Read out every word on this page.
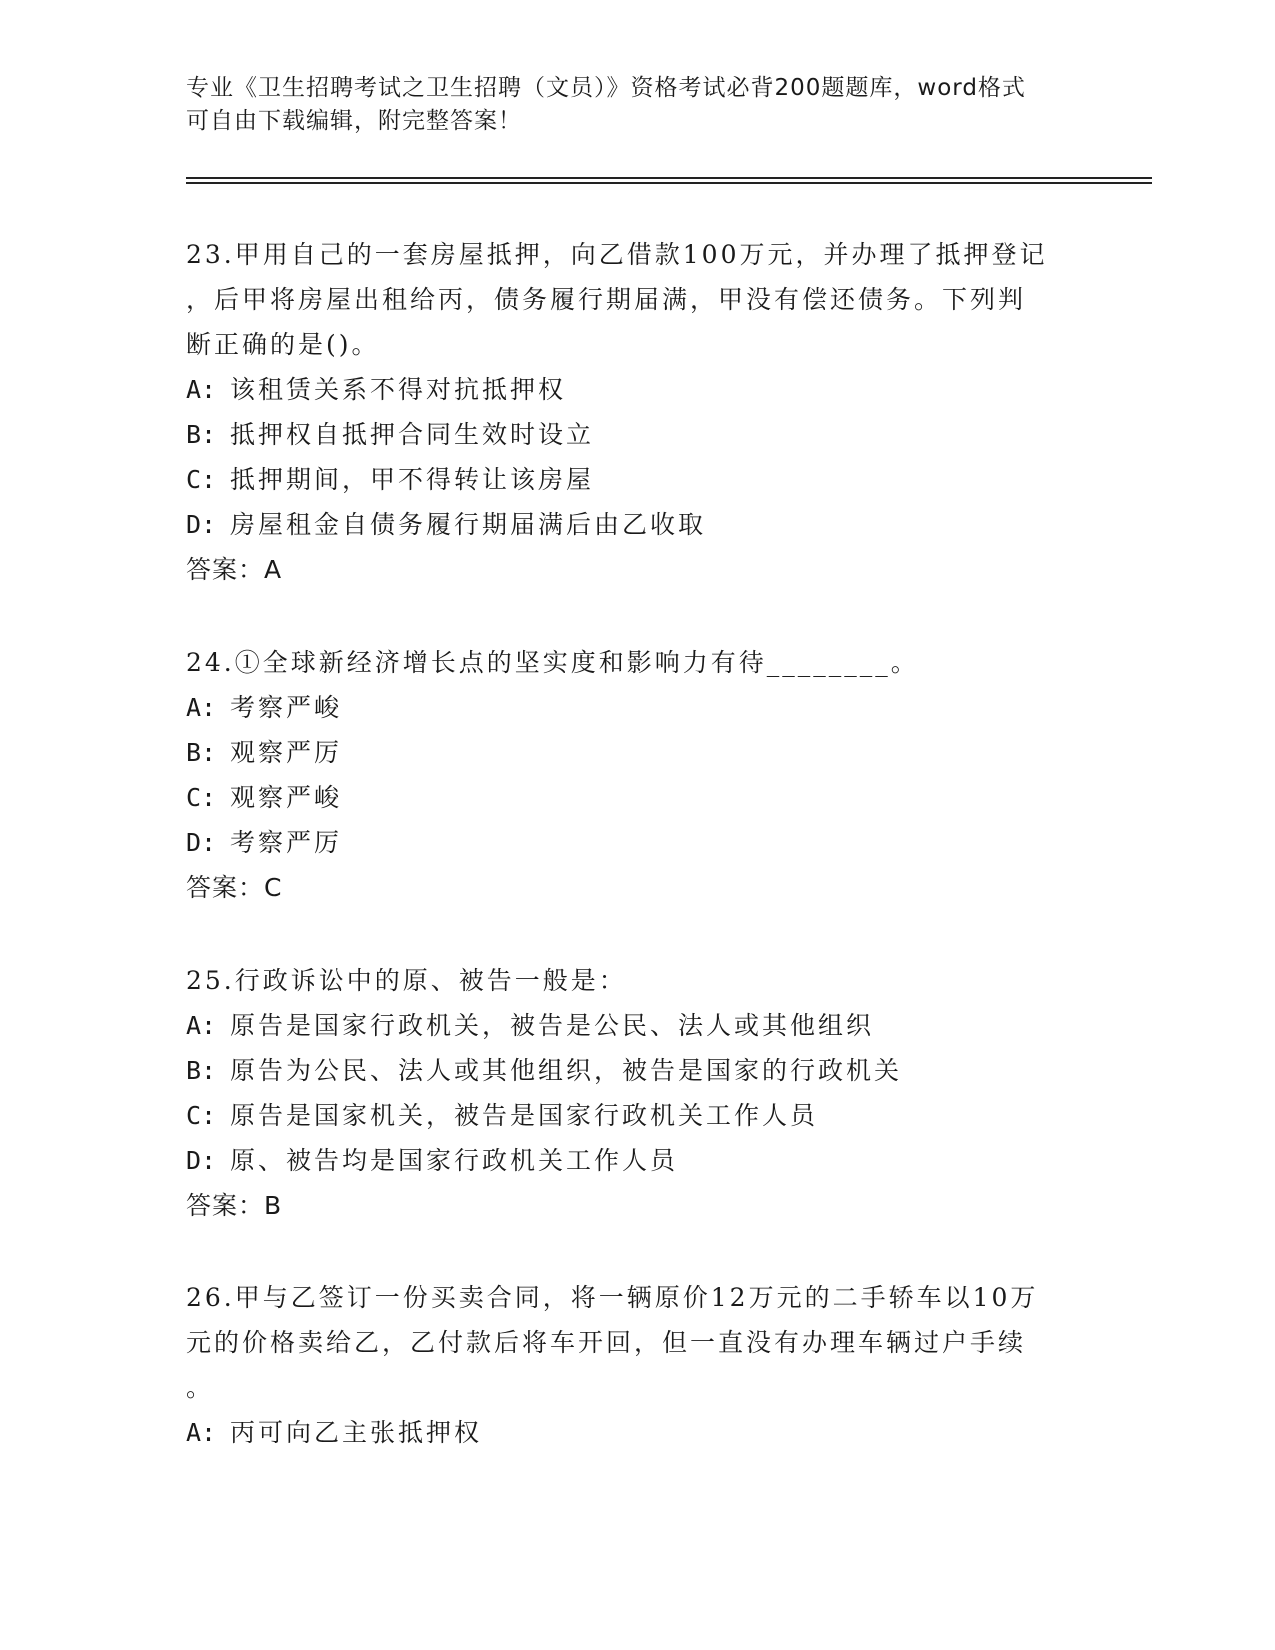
专业《卫生招聘考试之卫生招聘（文员）》资格考试必背200题题库，word格式
可自由下载编辑，附完整答案！
23.甲用自己的一套房屋抵押，向乙借款100万元，并办理了抵押登记
，后甲将房屋出租给丙，债务履行期届满，甲没有偿还债务。下列判
断正确的是()。
A: 该租赁关系不得对抗抵押权
B: 抵押权自抵押合同生效时设立
C: 抵押期间，甲不得转让该房屋
D: 房屋租金自债务履行期届满后由乙收取
答案：A
24.①全球新经济增长点的坚实度和影响力有待________。
A: 考察严峻
B: 观察严厉
C: 观察严峻
D: 考察严厉
答案：C
25.行政诉讼中的原、被告一般是：
A: 原告是国家行政机关，被告是公民、法人或其他组织
B: 原告为公民、法人或其他组织，被告是国家的行政机关
C: 原告是国家机关，被告是国家行政机关工作人员
D: 原、被告均是国家行政机关工作人员
答案：B
26.甲与乙签订一份买卖合同，将一辆原价12万元的二手轿车以10万
元的价格卖给乙，乙付款后将车开回，但一直没有办理车辆过户手续
。
A: 丙可向乙主张抵押权
